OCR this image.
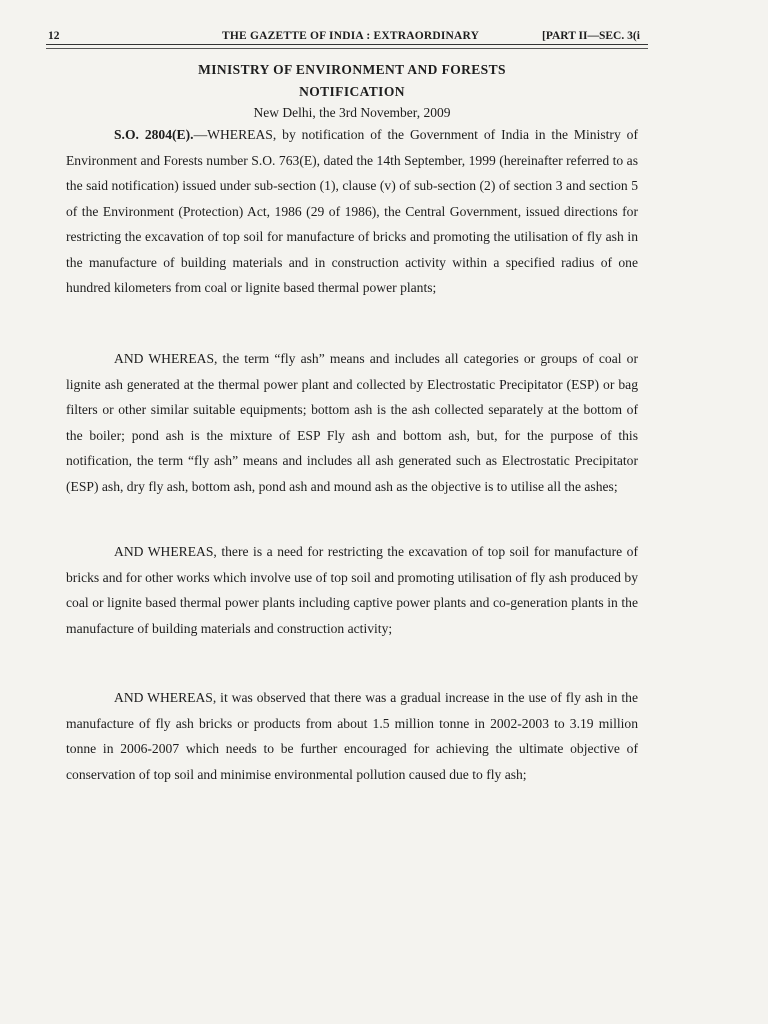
12	THE GAZETTE OF INDIA : EXTRAORDINARY	[PART II—SEC. 3(i
MINISTRY OF ENVIRONMENT AND FORESTS
NOTIFICATION
New Delhi, the 3rd November, 2009

S.O. 2804(E).—WHEREAS, by notification of the Government of India in the Ministry of Environment and Forests number S.O. 763(E), dated the 14th September, 1999 (hereinafter referred to as the said notification) issued under sub-section (1), clause (v) of sub-section (2) of section 3 and section 5 of the Environment (Protection) Act, 1986 (29 of 1986), the Central Government, issued directions for restricting the excavation of top soil for manufacture of bricks and promoting the utilisation of fly ash in the manufacture of building materials and in construction activity within a specified radius of one hundred kilometers from coal or lignite based thermal power plants;

AND WHEREAS, the term “fly ash” means and includes all categories or groups of coal or lignite ash generated at the thermal power plant and collected by Electrostatic Precipitator (ESP) or bag filters or other similar suitable equipments; bottom ash is the ash collected separately at the bottom of the boiler; pond ash is the mixture of ESP Fly ash and bottom ash, but, for the purpose of this notification, the term “fly ash” means and includes all ash generated such as Electrostatic Precipitator (ESP) ash, dry fly ash, bottom ash, pond ash and mound ash as the objective is to utilise all the ashes;

AND WHEREAS, there is a need for restricting the excavation of top soil for manufacture of bricks and for other works which involve use of top soil and promoting utilisation of fly ash produced by coal or lignite based thermal power plants including captive power plants and co-generation plants in the manufacture of building materials and construction activity;

AND WHEREAS, it was observed that there was a gradual increase in the use of fly ash in the manufacture of fly ash bricks or products from about 1.5 million tonne in 2002-2003 to 3.19 million tonne in 2006-2007 which needs to be further encouraged for achieving the ultimate objective of conservation of top soil and minimise environmental pollution caused due to fly ash;
